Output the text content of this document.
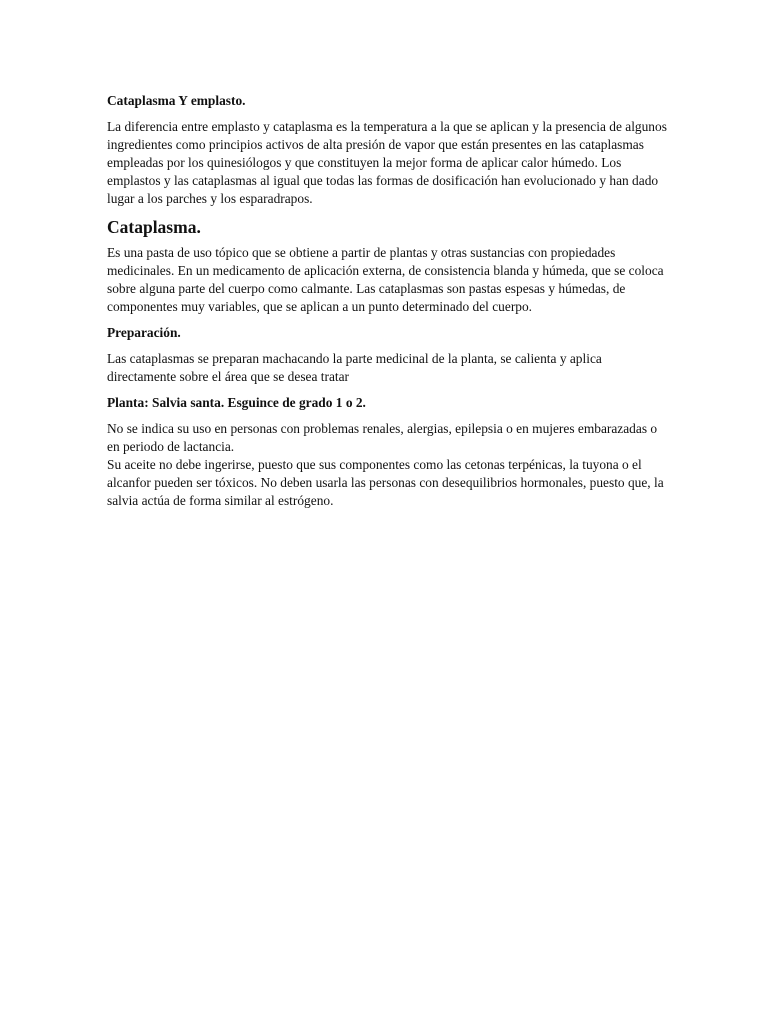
Cataplasma Y emplasto.

La diferencia entre emplasto y cataplasma es la temperatura a la que se aplican y la presencia de algunos ingredientes como principios activos de alta presión de vapor que están presentes en las cataplasmas empleadas por los quinesiólogos y que constituyen la mejor forma de aplicar calor húmedo. Los emplastos y las cataplasmas al igual que todas las formas de dosificación han evolucionado y han dado lugar a los parches y los esparadrapos.

Cataplasma.

Es una pasta de uso tópico que se obtiene a partir de plantas y otras sustancias con propiedades medicinales. En un medicamento de aplicación externa, de consistencia blanda y húmeda, que se coloca sobre alguna parte del cuerpo como calmante. Las cataplasmas son pastas espesas y húmedas, de componentes muy variables, que se aplican a un punto determinado del cuerpo.

Preparación.

Las cataplasmas se preparan machacando la parte medicinal de la planta, se calienta y aplica directamente sobre el área que se desea tratar

Planta: Salvia santa. Esguince de grado 1 o 2.

No se indica su uso en personas con problemas renales, alergias, epilepsia o en mujeres embarazadas o en periodo de lactancia.

Su aceite no debe ingerirse, puesto que sus componentes como las cetonas terpénicas, la tuyona o el alcanfor pueden ser tóxicos. No deben usarla las personas con desequilibrios hormonales, puesto que, la salvia actúa de forma similar al estrógeno.
